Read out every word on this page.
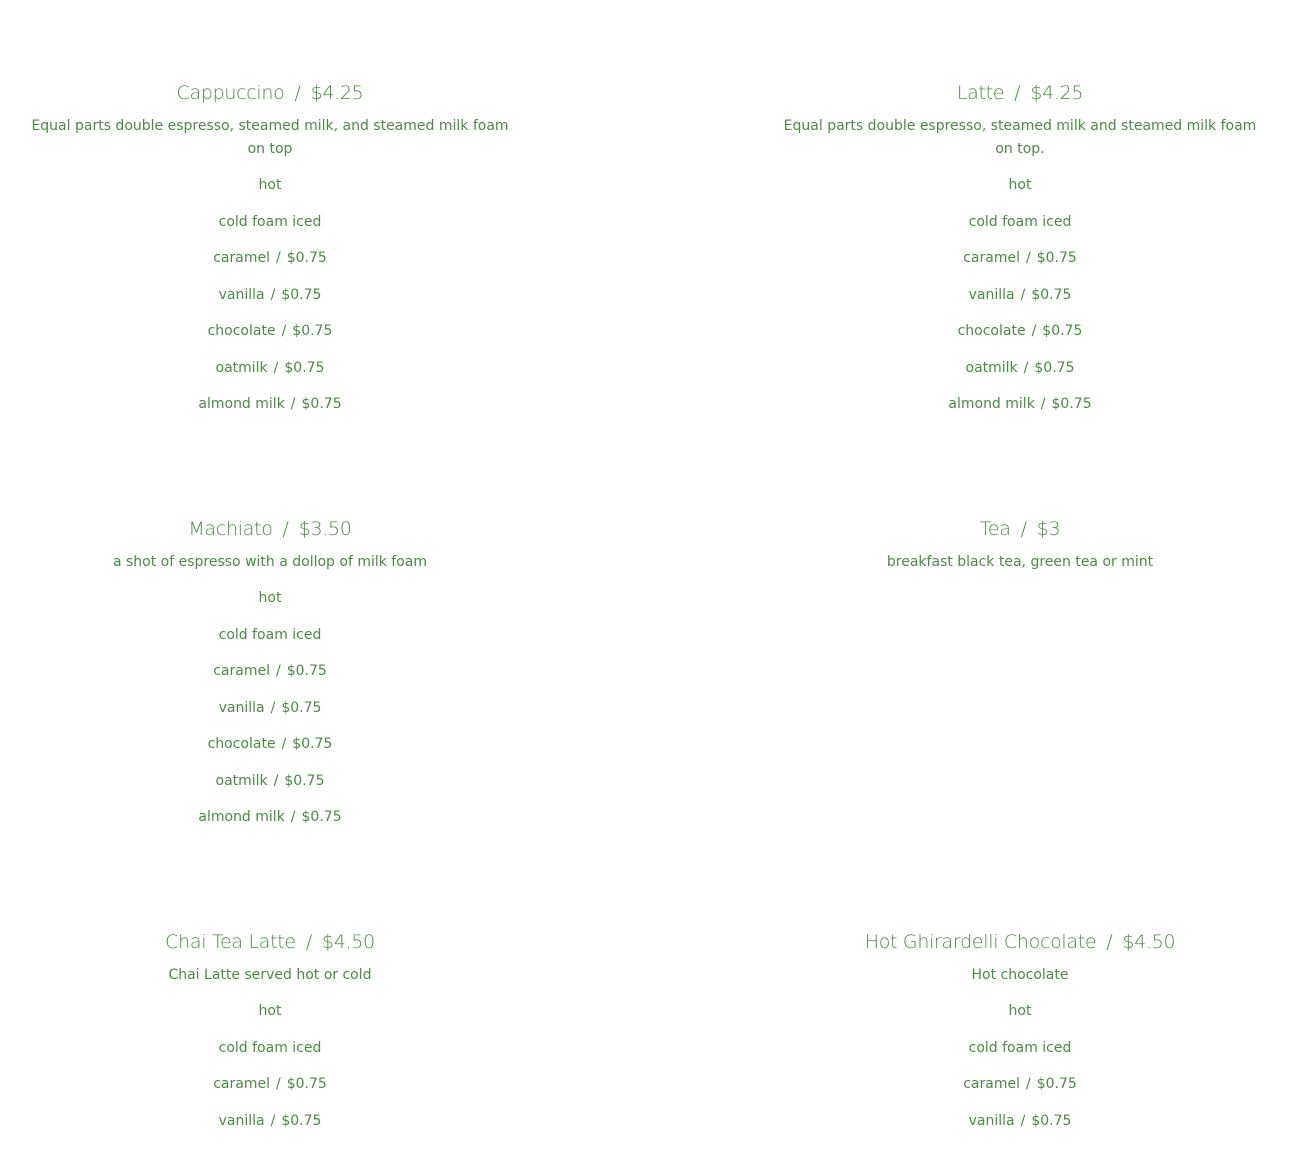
Cappuccino / $4.25
Equal parts double espresso, steamed milk, and steamed milk foam on top
hot
cold foam iced
caramel / $0.75
vanilla / $0.75
chocolate / $0.75
oatmilk / $0.75
almond milk / $0.75
Latte / $4.25
Equal parts double espresso, steamed milk and steamed milk foam on top.
hot
cold foam iced
caramel / $0.75
vanilla / $0.75
chocolate / $0.75
oatmilk / $0.75
almond milk / $0.75
Machiato / $3.50
a shot of espresso with a dollop of milk foam
hot
cold foam iced
caramel / $0.75
vanilla / $0.75
chocolate / $0.75
oatmilk / $0.75
almond milk / $0.75
Tea / $3
breakfast black tea, green tea or mint
Chai Tea Latte / $4.50
Chai Latte served hot or cold
hot
cold foam iced
caramel / $0.75
vanilla / $0.75
Hot Ghirardelli Chocolate / $4.50
Hot chocolate
hot
cold foam iced
caramel / $0.75
vanilla / $0.75
